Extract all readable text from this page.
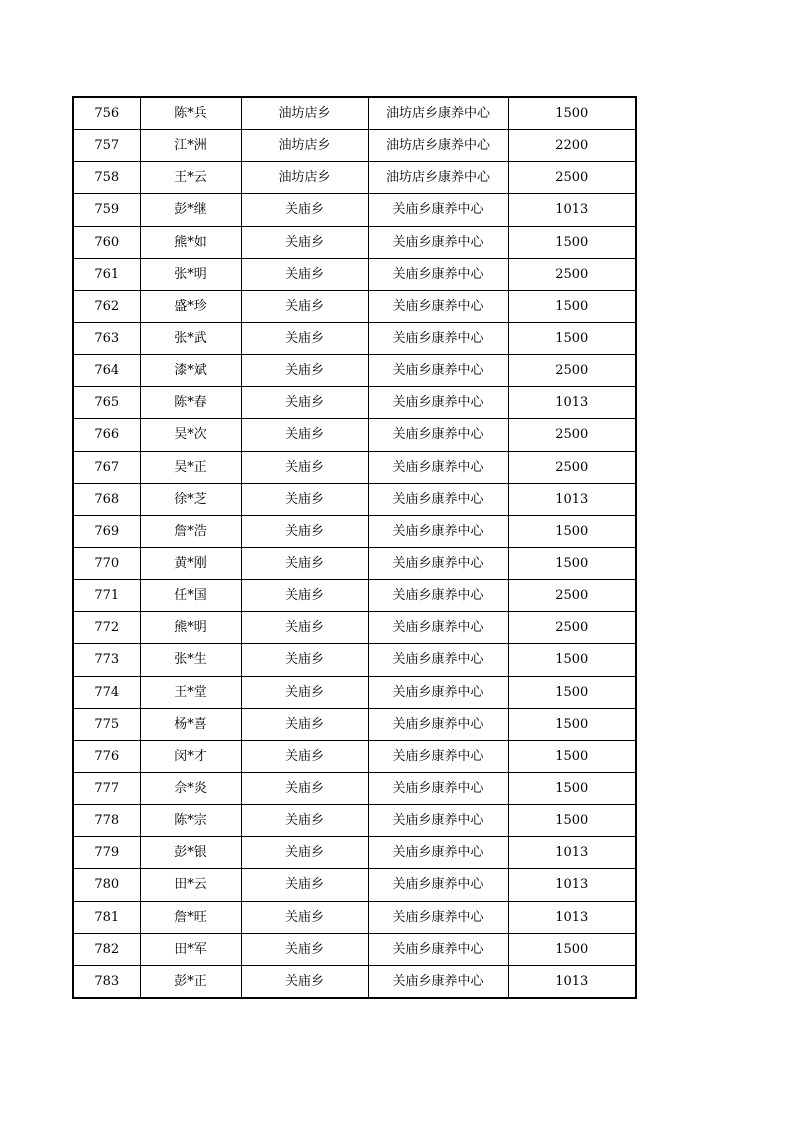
756	陈*兵	油坊店乡	油坊店乡康养中心	1500
757	江*洲	油坊店乡	油坊店乡康养中心	2200
758	王*云	油坊店乡	油坊店乡康养中心	2500
759	彭*继	关庙乡	关庙乡康养中心	1013
760	熊*如	关庙乡	关庙乡康养中心	1500
761	张*明	关庙乡	关庙乡康养中心	2500
762	盛*珍	关庙乡	关庙乡康养中心	1500
763	张*武	关庙乡	关庙乡康养中心	1500
764	漆*斌	关庙乡	关庙乡康养中心	2500
765	陈*春	关庙乡	关庙乡康养中心	1013
766	吴*次	关庙乡	关庙乡康养中心	2500
767	吴*正	关庙乡	关庙乡康养中心	2500
768	徐*芝	关庙乡	关庙乡康养中心	1013
769	詹*浩	关庙乡	关庙乡康养中心	1500
770	黄*刚	关庙乡	关庙乡康养中心	1500
771	任*国	关庙乡	关庙乡康养中心	2500
772	熊*明	关庙乡	关庙乡康养中心	2500
773	张*生	关庙乡	关庙乡康养中心	1500
774	王*堂	关庙乡	关庙乡康养中心	1500
775	杨*喜	关庙乡	关庙乡康养中心	1500
776	闵*才	关庙乡	关庙乡康养中心	1500
777	佘*炎	关庙乡	关庙乡康养中心	1500
778	陈*宗	关庙乡	关庙乡康养中心	1500
779	彭*银	关庙乡	关庙乡康养中心	1013
780	田*云	关庙乡	关庙乡康养中心	1013
781	詹*旺	关庙乡	关庙乡康养中心	1013
782	田*军	关庙乡	关庙乡康养中心	1500
783	彭*正	关庙乡	关庙乡康养中心	1013
